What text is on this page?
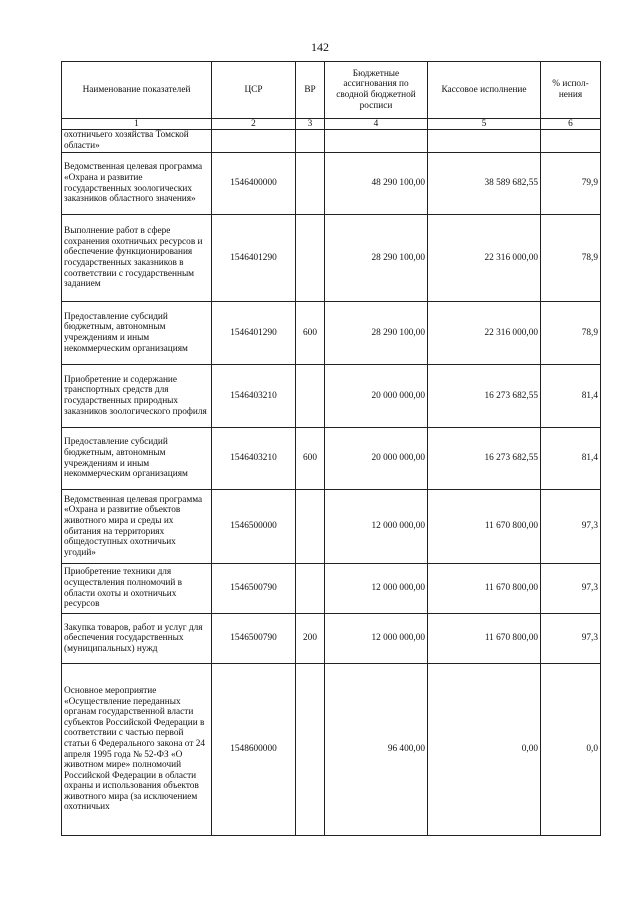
142
Наименование показателей	ЦСР	ВР	Бюджетные ассигнования по сводной бюджетной росписи	Кассовое исполнение	% испол-нения
1	2	3	4	5	6
охотничьего хозяйства Томской области»					
Ведомственная целевая программа «Охрана и развитие государственных зоологических заказников областного значения»	1546400000		48 290 100,00	38 589 682,55	79,9
Выполнение работ в сфере сохранения охотничьих ресурсов и обеспечение функционирования государственных заказников в соответствии с государственным заданием	1546401290		28 290 100,00	22 316 000,00	78,9
Предоставление субсидий бюджетным, автономным учреждениям и иным некоммерческим организациям	1546401290	600	28 290 100,00	22 316 000,00	78,9
Приобретение и содержание транспортных средств для государственных природных заказников зоологического профиля	1546403210		20 000 000,00	16 273 682,55	81,4
Предоставление субсидий бюджетным, автономным учреждениям и иным некоммерческим организациям	1546403210	600	20 000 000,00	16 273 682,55	81,4
Ведомственная целевая программа «Охрана и развитие объектов животного мира и среды их обитания на территориях общедоступных охотничьих угодий»	1546500000		12 000 000,00	11 670 800,00	97,3
Приобретение техники для осуществления полномочий в области охоты и охотничьих ресурсов	1546500790		12 000 000,00	11 670 800,00	97,3
Закупка товаров, работ и услуг для обеспечения государственных (муниципальных) нужд	1546500790	200	12 000 000,00	11 670 800,00	97,3
Основное мероприятие «Осуществление переданных органам государственной власти субъектов Российской Федерации в соответствии с частью первой статьи 6 Федерального закона от 24 апреля 1995 года № 52-ФЗ «О животном мире» полномочий Российской Федерации в области охраны и использования объектов животного мира (за исключением охотничьих	1548600000		96 400,00	0,00	0,0
